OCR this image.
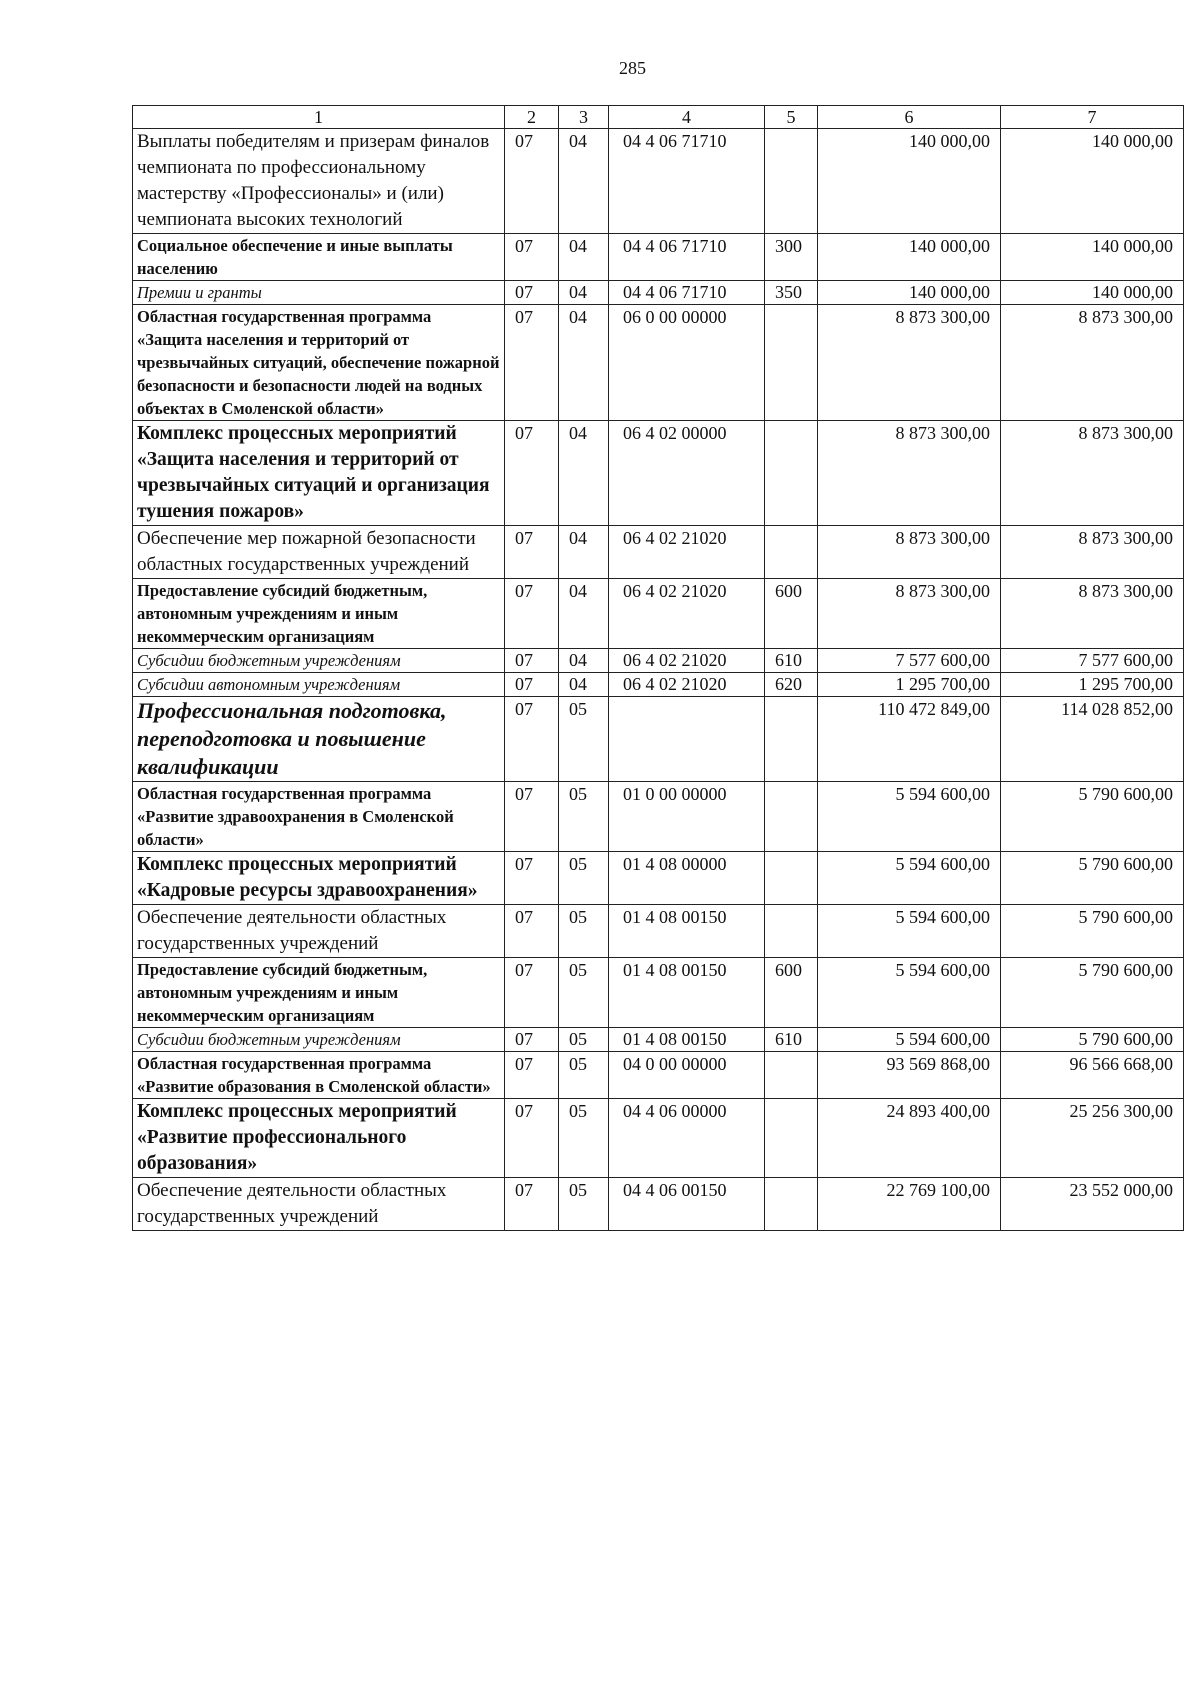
285
1	2	3	4	5	6	7
Выплаты победителям и призерам финалов чемпионата по профессиональному мастерству «Профессионалы» и (или) чемпионата высоких технологий	07	04	04 4 06 71710		140 000,00	140 000,00
Социальное обеспечение и иные выплаты населению	07	04	04 4 06 71710	300	140 000,00	140 000,00
Премии и гранты	07	04	04 4 06 71710	350	140 000,00	140 000,00
Областная государственная программа «Защита населения и территорий от чрезвычайных ситуаций, обеспечение пожарной безопасности и безопасности людей на водных объектах в Смоленской области»	07	04	06 0 00 00000		8 873 300,00	8 873 300,00
Комплекс процессных мероприятий «Защита населения и территорий от чрезвычайных ситуаций и организация тушения пожаров»	07	04	06 4 02 00000		8 873 300,00	8 873 300,00
Обеспечение мер пожарной безопасности областных государственных учреждений	07	04	06 4 02 21020		8 873 300,00	8 873 300,00
Предоставление субсидий бюджетным, автономным учреждениям и иным некоммерческим организациям	07	04	06 4 02 21020	600	8 873 300,00	8 873 300,00
Субсидии бюджетным учреждениям	07	04	06 4 02 21020	610	7 577 600,00	7 577 600,00
Субсидии автономным учреждениям	07	04	06 4 02 21020	620	1 295 700,00	1 295 700,00
Профессиональная подготовка, переподготовка и повышение квалификации	07	05			110 472 849,00	114 028 852,00
Областная государственная программа «Развитие здравоохранения в Смоленской области»	07	05	01 0 00 00000		5 594 600,00	5 790 600,00
Комплекс процессных мероприятий «Кадровые ресурсы здравоохранения»	07	05	01 4 08 00000		5 594 600,00	5 790 600,00
Обеспечение деятельности областных государственных учреждений	07	05	01 4 08 00150		5 594 600,00	5 790 600,00
Предоставление субсидий бюджетным, автономным учреждениям и иным некоммерческим организациям	07	05	01 4 08 00150	600	5 594 600,00	5 790 600,00
Субсидии бюджетным учреждениям	07	05	01 4 08 00150	610	5 594 600,00	5 790 600,00
Областная государственная программа «Развитие образования в Смоленской области»	07	05	04 0 00 00000		93 569 868,00	96 566 668,00
Комплекс процессных мероприятий «Развитие профессионального образования»	07	05	04 4 06 00000		24 893 400,00	25 256 300,00
Обеспечение деятельности областных государственных учреждений	07	05	04 4 06 00150		22 769 100,00	23 552 000,00
